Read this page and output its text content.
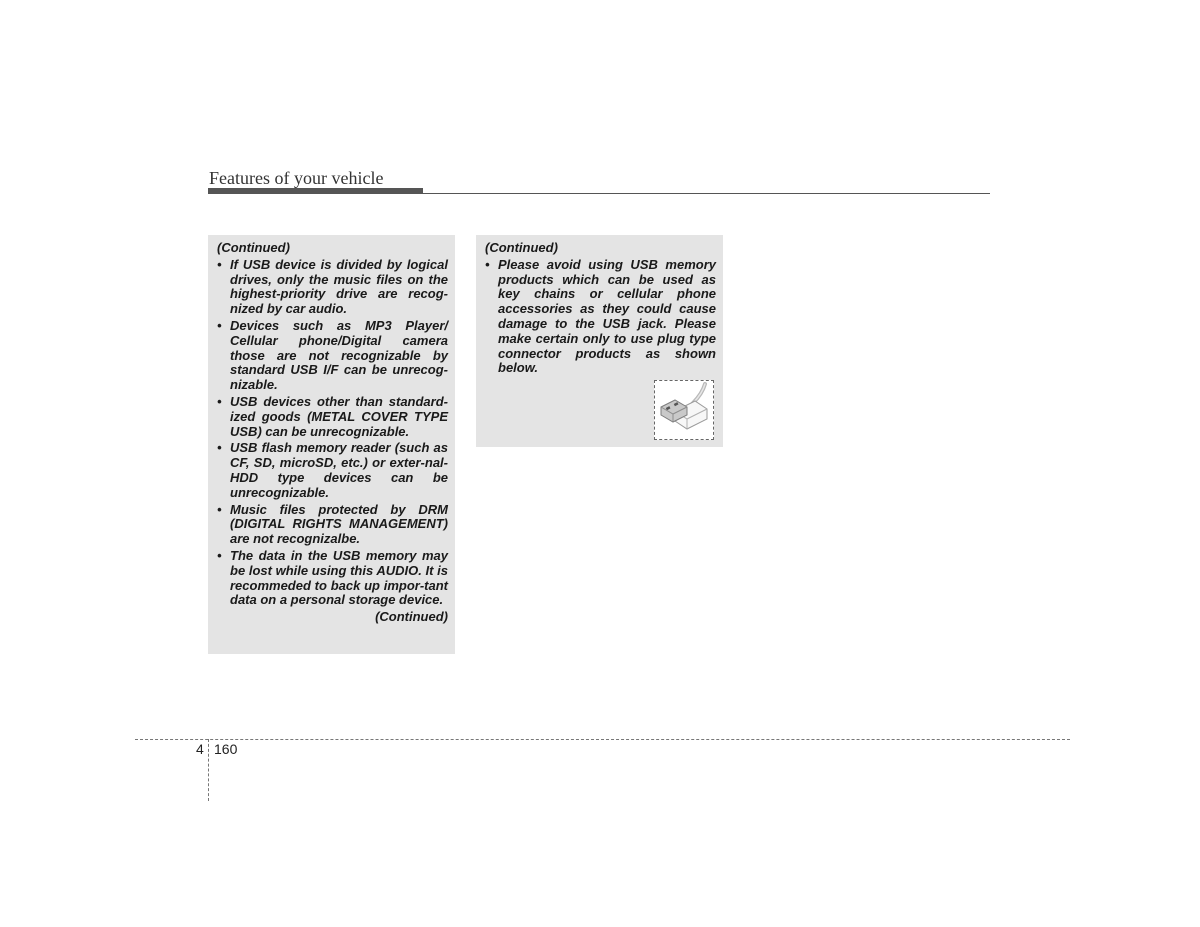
Features of your vehicle
(Continued)
• If USB device is divided by logical drives, only the music files on the highest-priority drive are recog-nized by car audio.
• Devices such as MP3 Player/ Cellular phone/Digital camera those are not recognizable by standard USB I/F can be unrecog-nizable.
• USB devices other than standard-ized goods (METAL COVER TYPE USB) can be unrecognizable.
• USB flash memory reader (such as CF, SD, microSD, etc.) or exter-nal-HDD type devices can be unrecognizable.
• Music files protected by DRM (DIGITAL RIGHTS MANAGEMENT) are not recognizalbe.
• The data in the USB memory may be lost while using this AUDIO. It is recommeded to back up impor-tant data on a personal storage device.
(Continued)
(Continued)
• Please avoid using USB memory products which can be used as key chains or cellular phone accessories as they could cause damage to the USB jack. Please make certain only to use plug type connector products as shown below.
4 160
